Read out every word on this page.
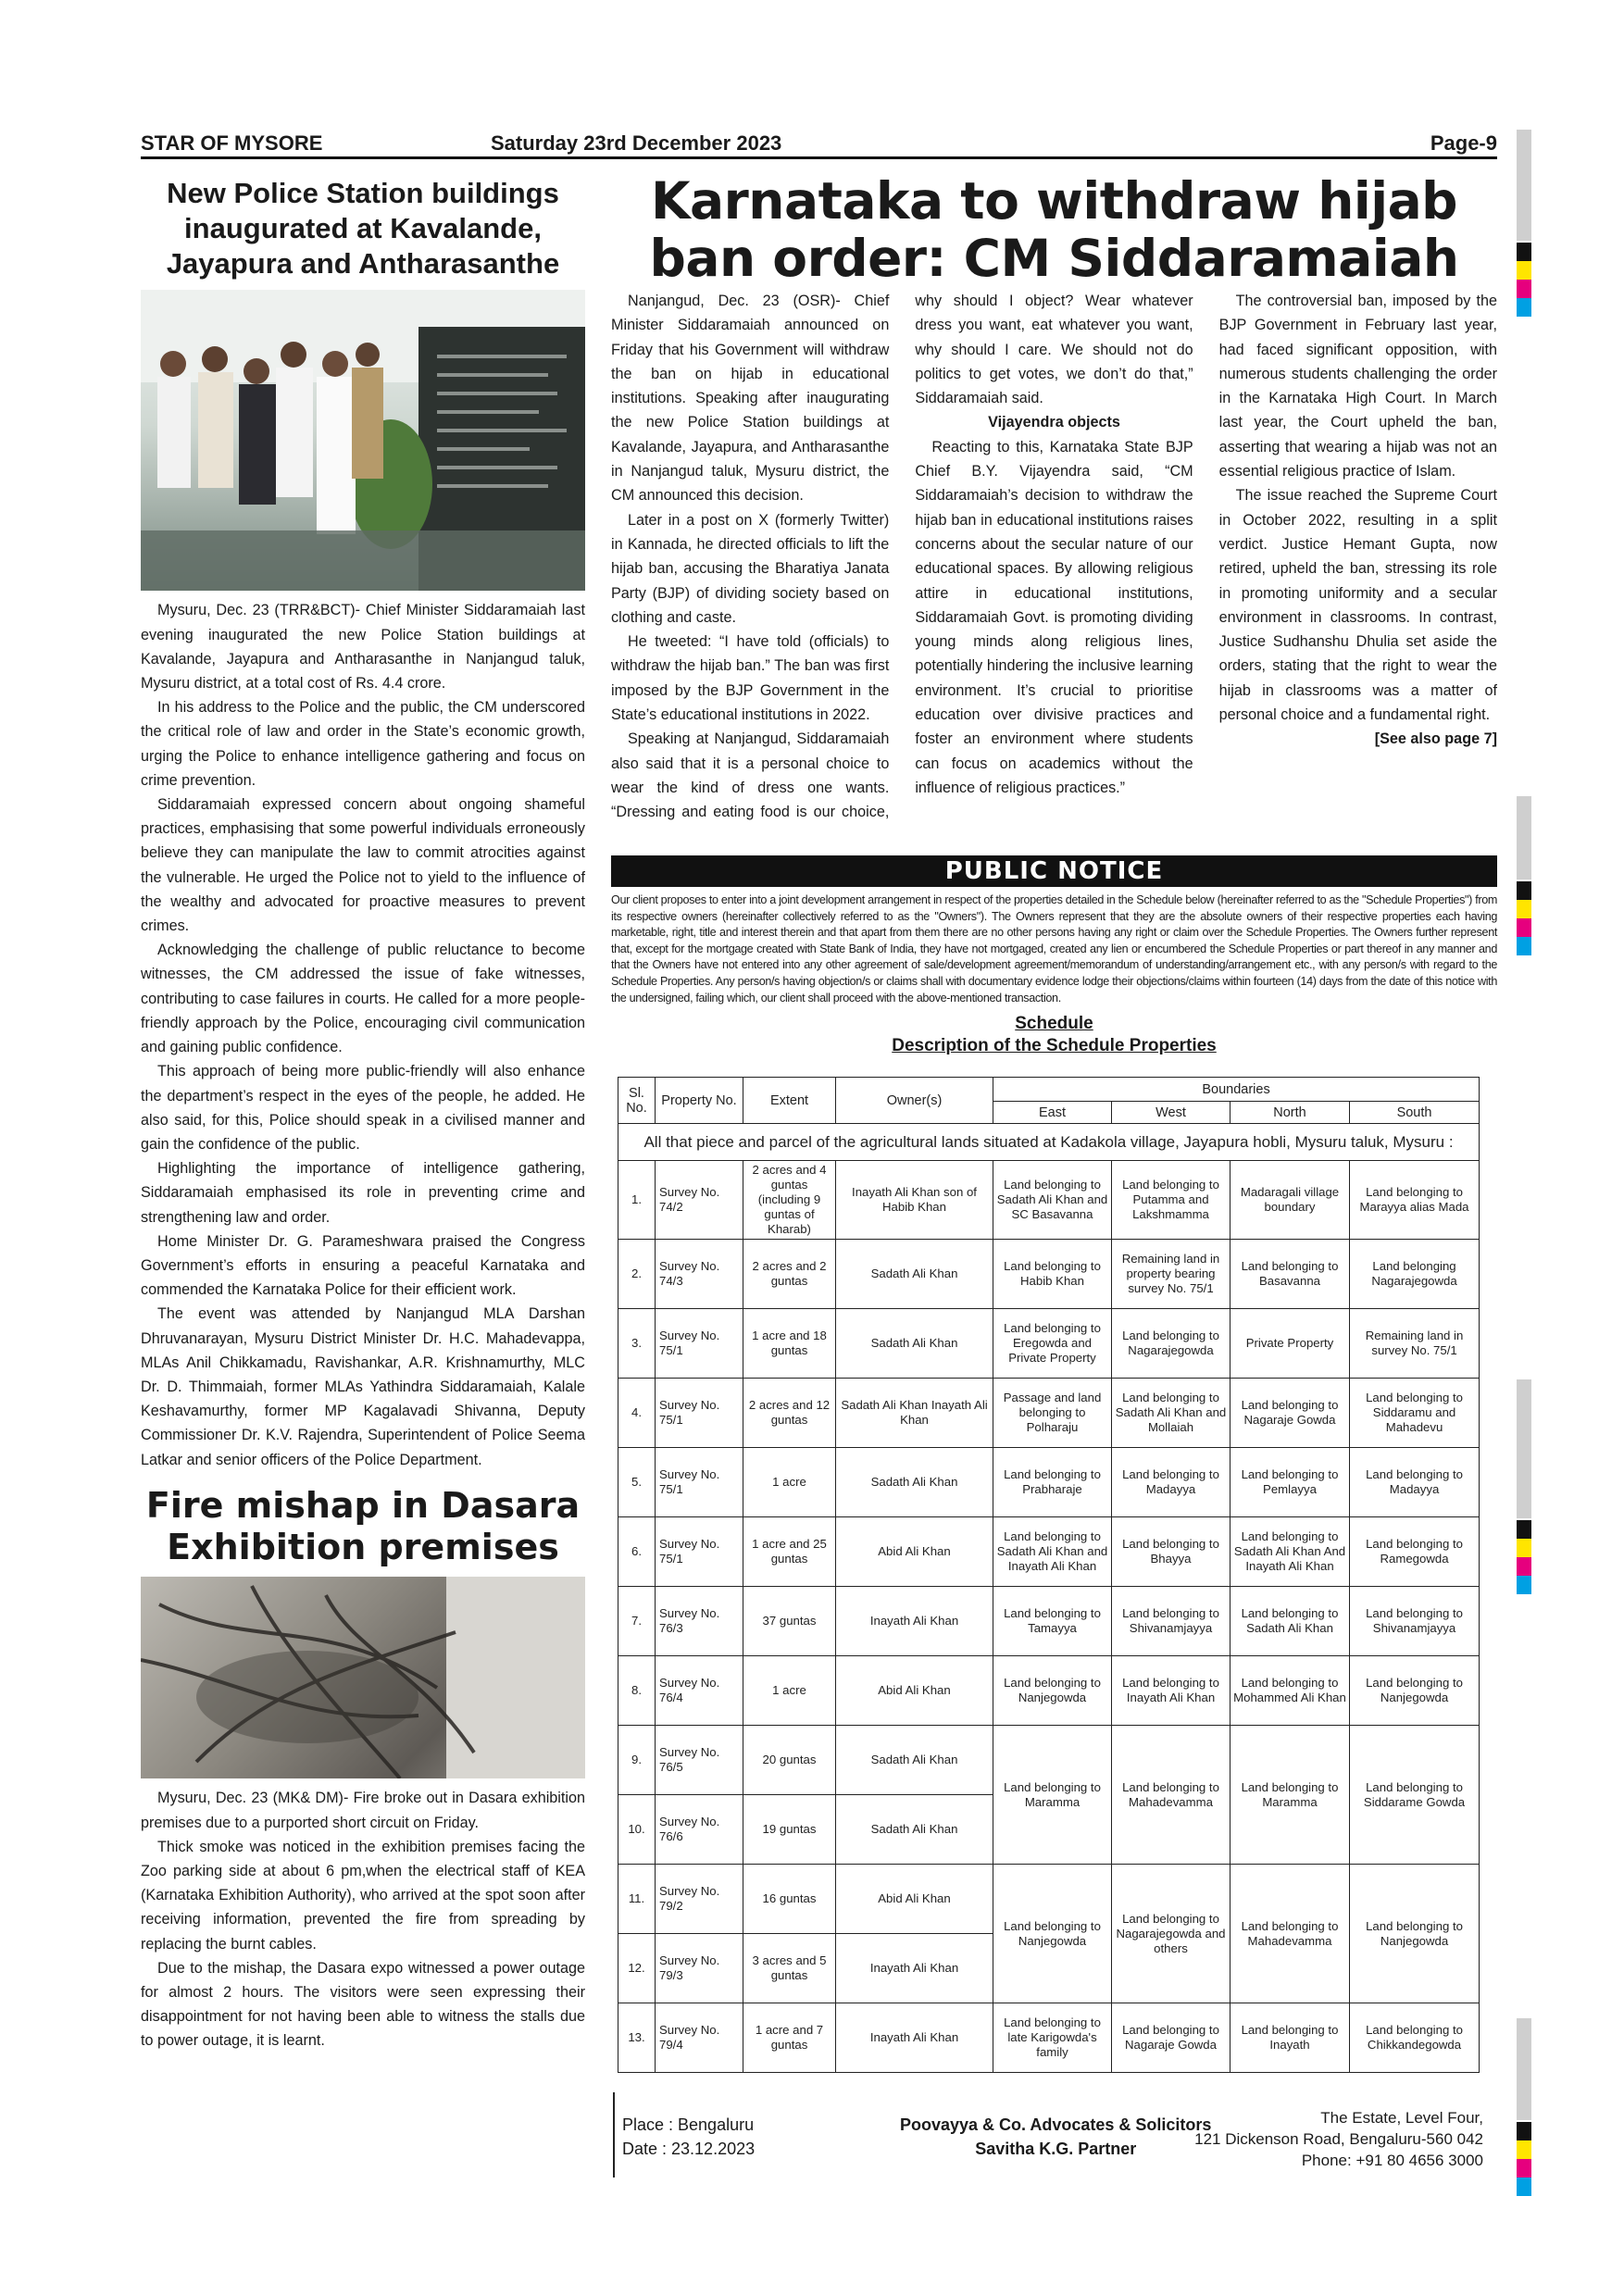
STAR OF MYSORE	Saturday 23rd December 2023	Page-9
New Police Station buildings inaugurated at Kavalande, Jayapura and Antharasanthe

Mysuru, Dec. 23 (TRR&BCT)- Chief Minister Siddaramaiah last evening inaugurated the new Police Station buildings at Kavalande, Jayapura and Antharasanthe in Nanjangud taluk, Mysuru district, at a total cost of Rs. 4.4 crore.

In his address to the Police and the public, the CM underscored the critical role of law and order in the State’s economic growth, urging the Police to enhance intelligence gathering and focus on crime prevention.

Siddaramaiah expressed concern about ongoing shameful practices, emphasising that some powerful individuals erroneously believe they can manipulate the law to commit atrocities against the vulnerable. He urged the Police not to yield to the influence of the wealthy and advocated for proactive measures to prevent crimes.

Acknowledging the challenge of public reluctance to become witnesses, the CM addressed the issue of fake witnesses, contributing to case failures in courts. He called for a more people-friendly approach by the Police, encouraging civil communication and gaining public confidence.

This approach of being more public-friendly will also enhance the department’s respect in the eyes of the people, he added. He also said, for this, Police should speak in a civilised manner and gain the confidence of the public.

Highlighting the importance of intelligence gathering, Siddaramaiah emphasised its role in preventing crime and strengthening law and order.

Home Minister Dr. G. Parameshwara praised the Congress Government’s efforts in ensuring a peaceful Karnataka and commended the Karnataka Police for their efficient work.

The event was attended by Nanjangud MLA Darshan Dhruvanarayan, Mysuru District Minister Dr. H.C. Mahadevappa, MLAs Anil Chikkamadu, Ravishankar, A.R. Krishnamurthy, MLC Dr. D. Thimmaiah, former MLAs Yathindra Siddaramaiah, Kalale Keshavamurthy, former MP Kagalavadi Shivanna, Deputy Commissioner Dr. K.V. Rajendra, Superintendent of Police Seema Latkar and senior officers of the Police Department.

Fire mishap in Dasara Exhibition premises

Mysuru, Dec. 23 (MK& DM)- Fire broke out in Dasara exhibition premises due to a purported short circuit on Friday.

Thick smoke was noticed in the exhibition premises facing the Zoo parking side at about 6 pm,when the electrical staff of KEA (Karnataka Exhibition Authority), who arrived at the spot soon after receiving information, prevented the fire from spreading by replacing the burnt cables.

Due to the mishap, the Dasara expo witnessed a power outage for almost 2 hours. The visitors were seen expressing their disappointment for not having been able to witness the stalls due to power outage, it is learnt.

Karnataka to withdraw hijab ban order: CM Siddaramaiah

Nanjangud, Dec. 23 (OSR)- Chief Minister Siddaramaiah announced on Friday that his Government will withdraw the ban on hijab in educational institutions. Speaking after inaugurating the new Police Station buildings at Kavalande, Jayapura, and Antharasanthe in Nanjangud taluk, Mysuru district, the CM announced this decision.

Later in a post on X (formerly Twitter) in Kannada, he directed officials to lift the hijab ban, accusing the Bharatiya Janata Party (BJP) of dividing society based on clothing and caste.

He tweeted: “I have told (officials) to withdraw the hijab ban.” The ban was first imposed by the BJP Government in the State’s educational institutions in 2022.

Speaking at Nanjangud, Siddaramaiah also said that it is a personal choice to wear the kind of dress one wants. “Dressing and eating food is our choice, why should I object? Wear whatever dress you want, eat whatever you want, why should I care. We should not do politics to get votes, we don’t do that,” Siddaramaiah said.

Vijayendra objects

Reacting to this, Karnataka State BJP Chief B.Y. Vijayendra said, “CM Siddaramaiah’s decision to withdraw the hijab ban in educational institutions raises concerns about the secular nature of our educational spaces. By allowing religious attire in educational institutions, Siddaramaiah Govt. is promoting dividing young minds along religious lines, potentially hindering the inclusive learning environment. It’s crucial to prioritise education over divisive practices and foster an environment where students can focus on academics without the influence of religious practices.”

The controversial ban, imposed by the BJP Government in February last year, had faced significant opposition, with numerous students challenging the order in the Karnataka High Court. In March last year, the Court upheld the ban, asserting that wearing a hijab was not an essential religious practice of Islam.

The issue reached the Supreme Court in October 2022, resulting in a split verdict. Justice Hemant Gupta, now retired, upheld the ban, stressing its role in promoting uniformity and a secular environment in classrooms. In contrast, Justice Sudhanshu Dhulia set aside the orders, stating that the right to wear the hijab in classrooms was a matter of personal choice and a fundamental right.

[See also page 7]

PUBLIC NOTICE

Our client proposes to enter into a joint development arrangement in respect of the properties detailed in the Schedule below (hereinafter referred to as the "Schedule Properties") from its respective owners (hereinafter collectively referred to as the "Owners"). The Owners represent that they are the absolute owners of their respective properties each having marketable, right, title and interest therein and that apart from them there are no other persons having any right or claim over the Schedule Properties. The Owners further represent that, except for the mortgage created with State Bank of India, they have not mortgaged, created any lien or encumbered the Schedule Properties or part thereof in any manner and that the Owners have not entered into any other agreement of sale/development agreement/memorandum of understanding/arrangement etc., with any person/s with regard to the Schedule Properties. Any person/s having objection/s or claims shall with documentary evidence lodge their objections/claims within fourteen (14) days from the date of this notice with the undersigned, failing which, our client shall proceed with the above-mentioned transaction.

Schedule
Description of the Schedule Properties
Sl. No.	Property No.	Extent	Owner(s)	Boundaries			
				East	West	North	South
All that piece and parcel of the agricultural lands situated at Kadakola village, Jayapura hobli, Mysuru taluk, Mysuru :							
1.	Survey No. 74/2	2 acres and 4 guntas (including 9 guntas of Kharab)	Inayath Ali Khan son of Habib Khan	Land belonging to Sadath Ali Khan and SC Basavanna	Land belonging to Putamma and Lakshmamma	Madaragali village boundary	Land belonging to Marayya alias Mada
2.	Survey No. 74/3	2 acres and 2 guntas	Sadath Ali Khan	Land belonging to Habib Khan	Remaining land in property bearing survey No. 75/1	Land belonging to Basavanna	Land belonging Nagarajegowda
3.	Survey No. 75/1	1 acre and 18 guntas	Sadath Ali Khan	Land belonging to Eregowda and Private Property	Land belonging to Nagarajegowda	Private Property	Remaining land in survey No. 75/1
4.	Survey No. 75/1	2 acres and 12 guntas	Sadath Ali Khan Inayath Ali Khan	Passage and land belonging to Polharaju	Land belonging to Sadath Ali Khan and Mollaiah	Land belonging to Nagaraje Gowda	Land belonging to Siddaramu and Mahadevu
5.	Survey No. 75/1	1 acre	Sadath Ali Khan	Land belonging to Prabharaje	Land belonging to Madayya	Land belonging to Pemlayya	Land belonging to Madayya
6.	Survey No. 75/1	1 acre and 25 guntas	Abid Ali Khan	Land belonging to Sadath Ali Khan and Inayath Ali Khan	Land belonging to Bhayya	Land belonging to Sadath Ali Khan And Inayath Ali Khan	Land belonging to Ramegowda
7.	Survey No. 76/3	37 guntas	Inayath Ali Khan	Land belonging to Tamayya	Land belonging to Shivanamjayya	Land belonging to Sadath Ali Khan	Land belonging to Shivanamjayya
8.	Survey No. 76/4	1 acre	Abid Ali Khan	Land belonging to Nanjegowda	Land belonging to Inayath Ali Khan	Land belonging to Mohammed Ali Khan	Land belonging to Nanjegowda
9.	Survey No. 76/5	20 guntas	Sadath Ali Khan	Land belonging to Maramma	Land belonging to Mahadevamma	Land belonging to Maramma	Land belonging to Siddarame Gowda
10.	Survey No. 76/6	19 guntas	Sadath Ali Khan				
11.	Survey No. 79/2	16 guntas	Abid Ali Khan	Land belonging to Nanjegowda	Land belonging to Nagarajegowda and others	Land belonging to Mahadevamma	Land belonging to Nanjegowda
12.	Survey No. 79/3	3 acres and 5 guntas	Inayath Ali Khan				
13.	Survey No. 79/4	1 acre and 7 guntas	Inayath Ali Khan	Land belonging to late Karigowda's family	Land belonging to Nagaraje Gowda	Land belonging to Inayath	Land belonging to Chikkandegowda
Place : Bengaluru
Date : 23.12.2023
Poovayya & Co. Advocates & Solicitors
Savitha K.G. Partner
The Estate, Level Four,
121 Dickenson Road, Bengaluru-560 042
Phone: +91 80 4656 3000
